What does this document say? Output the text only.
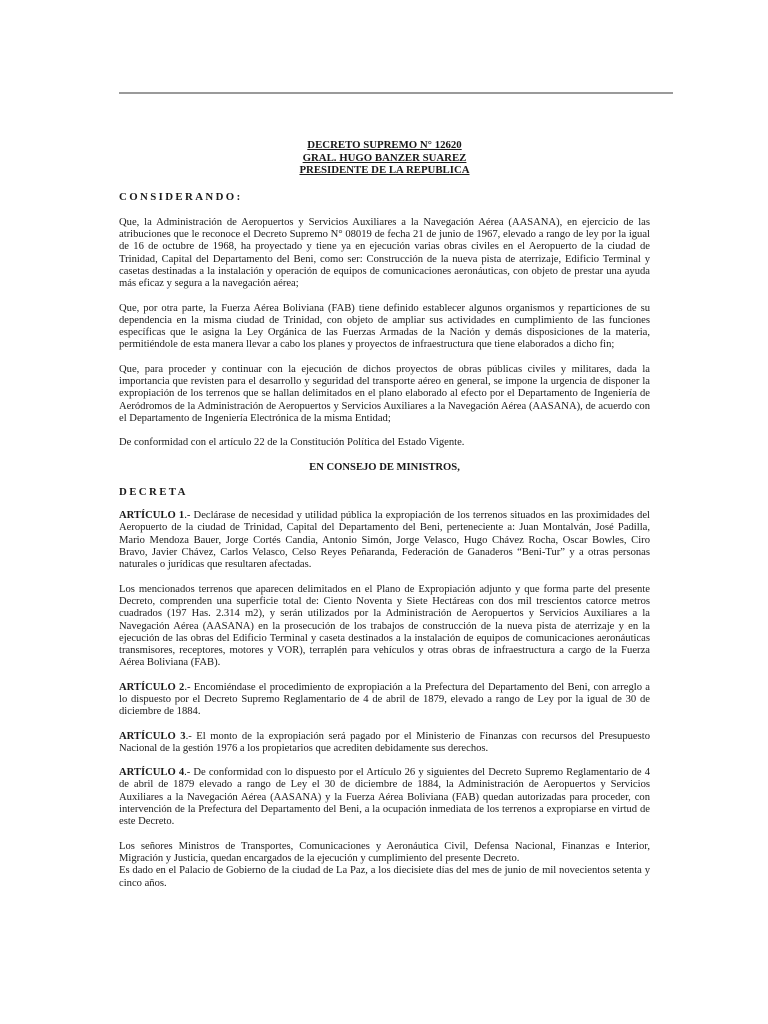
DECRETO SUPREMO N° 12620
GRAL. HUGO BANZER SUAREZ
PRESIDENTE DE LA REPUBLICA
CONSIDERANDO:

Que, la Administración de Aeropuertos y Servicios Auxiliares a la Navegación Aérea (AASANA), en ejercicio de las atribuciones que le reconoce el Decreto Supremo N° 08019 de fecha 21 de junio de 1967, elevado a rango de ley por la igual de 16 de octubre de 1968, ha proyectado y tiene ya en ejecución varias obras civiles en el Aeropuerto de la ciudad de Trinidad, Capital del Departamento del Beni, como ser: Construcción de la nueva pista de aterrizaje, Edificio Terminal y casetas destinadas a la instalación y operación de equipos de comunicaciones aeronáuticas, con objeto de prestar una ayuda más eficaz y segura a la navegación aérea;

Que, por otra parte, la Fuerza Aérea Boliviana (FAB) tiene definido establecer algunos organismos y reparticiones de su dependencia en la misma ciudad de Trinidad, con objeto de ampliar sus actividades en cumplimiento de las funciones específicas que le asigna la Ley Orgánica de las Fuerzas Armadas de la Nación y demás disposiciones de la materia, permitiéndole de esta manera llevar a cabo los planes y proyectos de infraestructura que tiene elaborados a dicho fin;

Que, para proceder y continuar con la ejecución de dichos proyectos de obras públicas civiles y militares, dada la importancia que revisten para el desarrollo y seguridad del transporte aéreo en general, se impone la urgencia de disponer la expropiación de los terrenos que se hallan delimitados en el plano elaborado al efecto por el Departamento de Ingeniería de Aeródromos de la Administración de Aeropuertos y Servicios Auxiliares a la Navegación Aérea (AASANA), de acuerdo con el Departamento de Ingeniería Electrónica de la misma Entidad;

De conformidad con el artículo 22 de la Constitución Política del Estado Vigente.

EN CONSEJO DE MINISTROS,
DECRETA

ARTÍCULO 1.- Declárase de necesidad y utilidad pública la expropiación de los terrenos situados en las proximidades del Aeropuerto de la ciudad de Trinidad, Capital del Departamento del Beni, perteneciente a: Juan Montalván, José Padilla, Mario Mendoza Bauer, Jorge Cortés Candia, Antonio Simón, Jorge Velasco, Hugo Chávez Rocha, Oscar Bowles, Ciro Bravo, Javier Chávez, Carlos Velasco, Celso Reyes Peñaranda, Federación de Ganaderos “Beni-Tur” y a otras personas naturales o jurídicas que resultaren afectadas.

Los mencionados terrenos que aparecen delimitados en el Plano de Expropiación adjunto y que forma parte del presente Decreto, comprenden una superficie total de: Ciento Noventa y Siete Hectáreas con dos mil trescientos catorce metros cuadrados (197 Has. 2.314 m2), y serán utilizados por la Administración de Aeropuertos y Servicios Auxiliares a la Navegación Aérea (AASANA) en la prosecución de los trabajos de construcción de la nueva pista de aterrizaje y en la ejecución de las obras del Edificio Terminal y caseta destinados a la instalación de equipos de comunicaciones aeronáuticas transmisores, receptores, motores y VOR), terraplén para vehículos y otras obras de infraestructura a cargo de la Fuerza Aérea Boliviana (FAB).

ARTÍCULO 2.- Encomiéndase el procedimiento de expropiación a la Prefectura del Departamento del Beni, con arreglo a lo dispuesto por el Decreto Supremo Reglamentario de 4 de abril de 1879, elevado a rango de Ley por la igual de 30 de diciembre de 1884.

ARTÍCULO 3.- El monto de la expropiación será pagado por el Ministerio de Finanzas con recursos del Presupuesto Nacional de la gestión 1976 a los propietarios que acrediten debidamente sus derechos.

ARTÍCULO 4.- De conformidad con lo dispuesto por el Artículo 26 y siguientes del Decreto Supremo Reglamentario de 4 de abril de 1879 elevado a rango de Ley el 30 de diciembre de 1884, la Administración de Aeropuertos y Servicios Auxiliares a la Navegación Aérea (AASANA) y la Fuerza Aérea Boliviana (FAB) quedan autorizadas para proceder, con intervención de la Prefectura del Departamento del Beni, a la ocupación inmediata de los terrenos a expropiarse en virtud de este Decreto.

Los señores Ministros de Transportes, Comunicaciones y Aeronáutica Civil, Defensa Nacional, Finanzas e Interior, Migración y Justicia, quedan encargados de la ejecución y cumplimiento del presente Decreto.

Es dado en el Palacio de Gobierno de la ciudad de La Paz, a los diecisiete días del mes de junio de mil novecientos setenta y cinco años.
